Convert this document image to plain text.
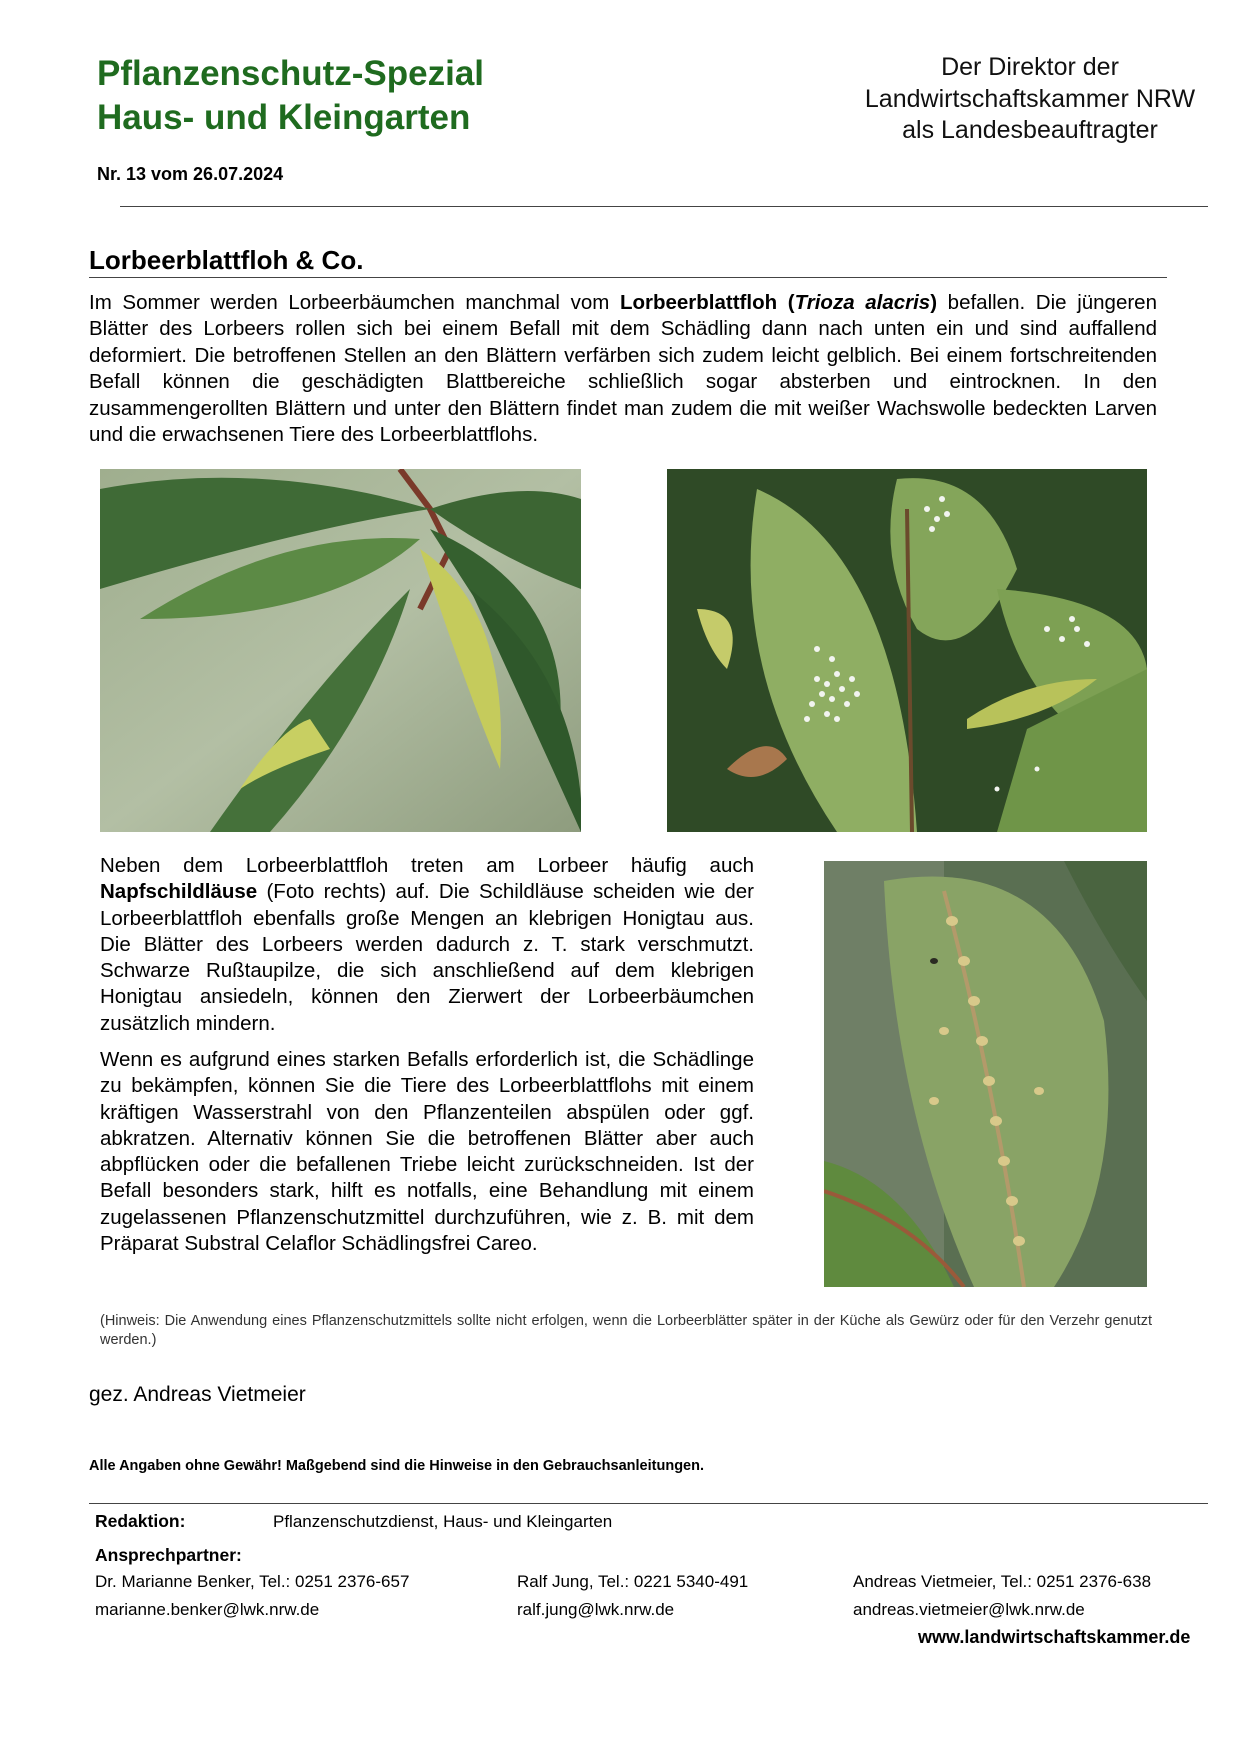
Pflanzenschutz-Spezial
Haus- und Kleingarten
Der Direktor der
Landwirtschaftskammer NRW
als Landesbeauftragter
Nr. 13 vom 26.07.2024
Lorbeerblattfloh & Co.
Im Sommer werden Lorbeerbäumchen manchmal vom Lorbeerblattfloh (Trioza alacris) befallen. Die jüngeren Blätter des Lorbeers rollen sich bei einem Befall mit dem Schädling dann nach unten ein und sind auffallend deformiert. Die betroffenen Stellen an den Blättern verfärben sich zudem leicht gelblich. Bei einem fortschreitenden Befall können die geschädigten Blattbereiche schließlich sogar absterben und eintrocknen. In den zusammengerollten Blättern und unter den Blättern findet man zudem die mit weißer Wachswolle bedeckten Larven und die erwachsenen Tiere des Lorbeerblattflohs.
Neben dem Lorbeerblattfloh treten am Lorbeer häufig auch Napfschildläuse (Foto rechts) auf. Die Schildläuse scheiden wie der Lorbeerblattfloh ebenfalls große Mengen an klebrigen Honigtau aus. Die Blätter des Lorbeers werden dadurch z. T. stark verschmutzt. Schwarze Rußtaupilze, die sich anschließend auf dem klebrigen Honigtau ansiedeln, können den Zierwert der Lorbeerbäumchen zusätzlich mindern.
Wenn es aufgrund eines starken Befalls erforderlich ist, die Schädlinge zu bekämpfen, können Sie die Tiere des Lorbeerblattflohs mit einem kräftigen Wasserstrahl von den Pflanzenteilen abspülen oder ggf. abkratzen. Alternativ können Sie die betroffenen Blätter aber auch abpflücken oder die befallenen Triebe leicht zurückschneiden. Ist der Befall besonders stark, hilft es notfalls, eine Behandlung mit einem zugelassenen Pflanzenschutzmittel durchzuführen, wie z. B. mit dem Präparat Substral Celaflor Schädlingsfrei Careo.
(Hinweis: Die Anwendung eines Pflanzenschutzmittels sollte nicht erfolgen, wenn die Lorbeerblätter später in der Küche als Gewürz oder für den Verzehr genutzt werden.)
gez. Andreas Vietmeier
Alle Angaben ohne Gewähr! Maßgebend sind die Hinweise in den Gebrauchsanleitungen.
Redaktion:	Pflanzenschutzdienst, Haus- und Kleingarten
Ansprechpartner:
Dr. Marianne Benker, Tel.: 0251 2376-657
marianne.benker@lwk.nrw.de
Ralf Jung, Tel.: 0221 5340-491
ralf.jung@lwk.nrw.de
Andreas Vietmeier, Tel.: 0251 2376-638
andreas.vietmeier@lwk.nrw.de
www.landwirtschaftskammer.de
